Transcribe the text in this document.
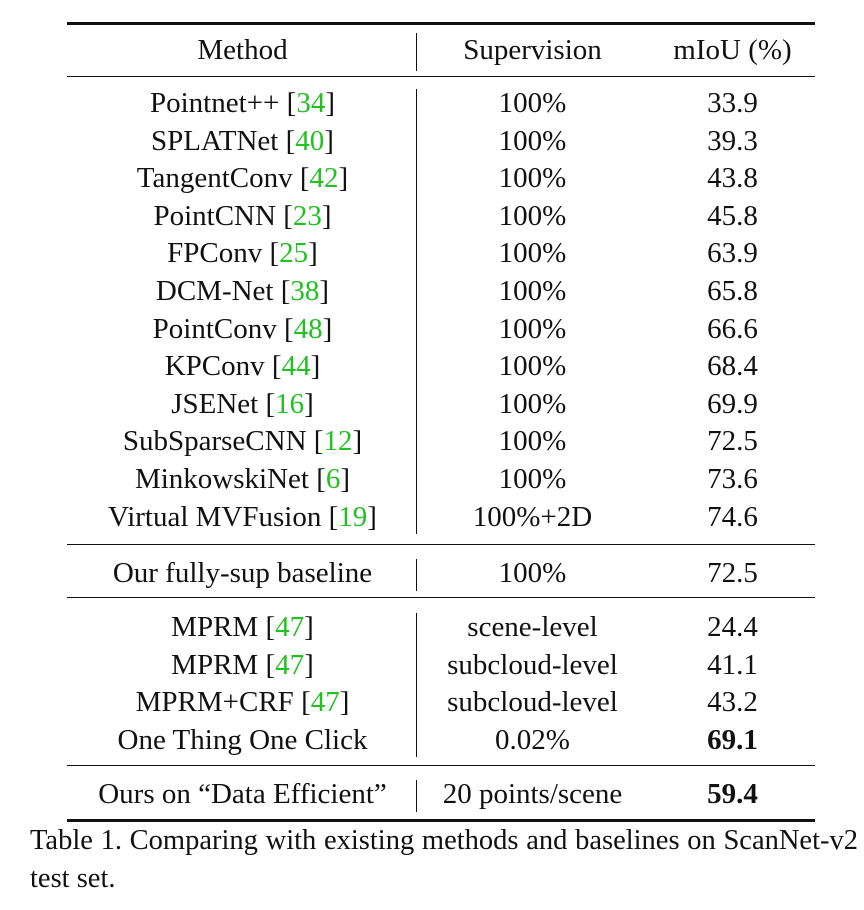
Method	Supervision	mIoU (%)
Pointnet++ [34]	100%	33.9
SPLATNet [40]	100%	39.3
TangentConv [42]	100%	43.8
PointCNN [23]	100%	45.8
FPConv [25]	100%	63.9
DCM-Net [38]	100%	65.8
PointConv [48]	100%	66.6
KPConv [44]	100%	68.4
JSENet [16]	100%	69.9
SubSparseCNN [12]	100%	72.5
MinkowskiNet [6]	100%	73.6
Virtual MVFusion [19]	100%+2D	74.6
Our fully-sup baseline	100%	72.5
MPRM [47]	scene-level	24.4
MPRM [47]	subcloud-level	41.1
MPRM+CRF [47]	subcloud-level	43.2
One Thing One Click	0.02%	69.1
Ours on “Data Efficient”	20 points/scene	59.4
Table 1. Comparing with existing methods and baselines on ScanNet-v2 test set.
